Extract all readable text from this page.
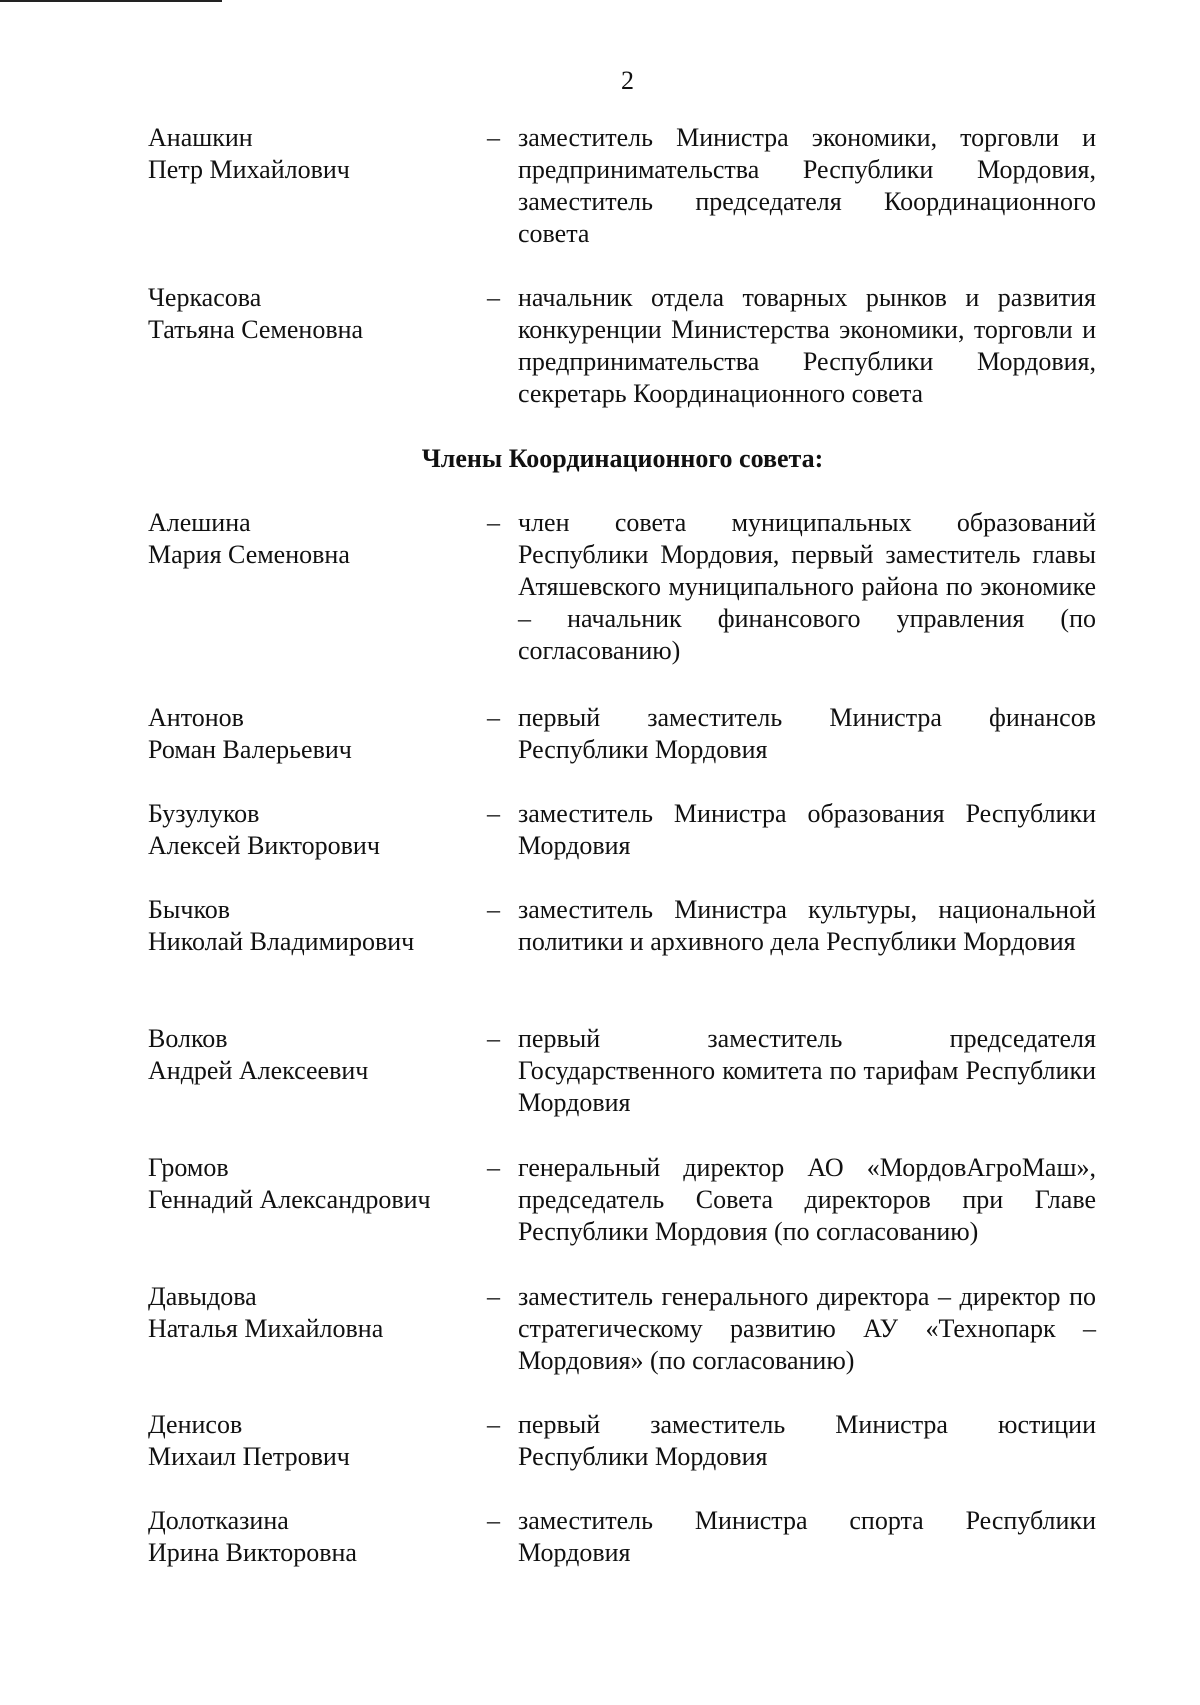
2
Анашкин
Петр Михайлович
– заместитель Министра экономики, торговли и предпринимательства Республики Мордовия, заместитель председателя Координационного совета
Черкасова
Татьяна Семеновна
– начальник отдела товарных рынков и развития конкуренции Министерства экономики, торговли и предпринимательства Республики Мордовия, секретарь Координационного совета
Члены Координационного совета:
Алешина
Мария Семеновна
– член совета муниципальных образований Республики Мордовия, первый заместитель главы Атяшевского муниципального района по экономике – начальник финансового управления (по согласованию)
Антонов
Роман Валерьевич
– первый заместитель Министра финансов Республики Мордовия
Бузулуков
Алексей Викторович
– заместитель Министра образования Республики Мордовия
Бычков
Николай Владимирович
– заместитель Министра культуры, национальной политики и архивного дела Республики Мордовия
Волков
Андрей Алексеевич
– первый заместитель председателя Государственного комитета по тарифам Республики Мордовия
Громов
Геннадий Александрович
– генеральный директор АО «МордовАгроМаш», председатель Совета директоров при Главе Республики Мордовия (по согласованию)
Давыдова
Наталья Михайловна
– заместитель генерального директора – директор по стратегическому развитию АУ «Технопарк – Мордовия» (по согласованию)
Денисов
Михаил Петрович
– первый заместитель Министра юстиции Республики Мордовия
Долотказина
Ирина Викторовна
– заместитель Министра спорта Республики Мордовия
